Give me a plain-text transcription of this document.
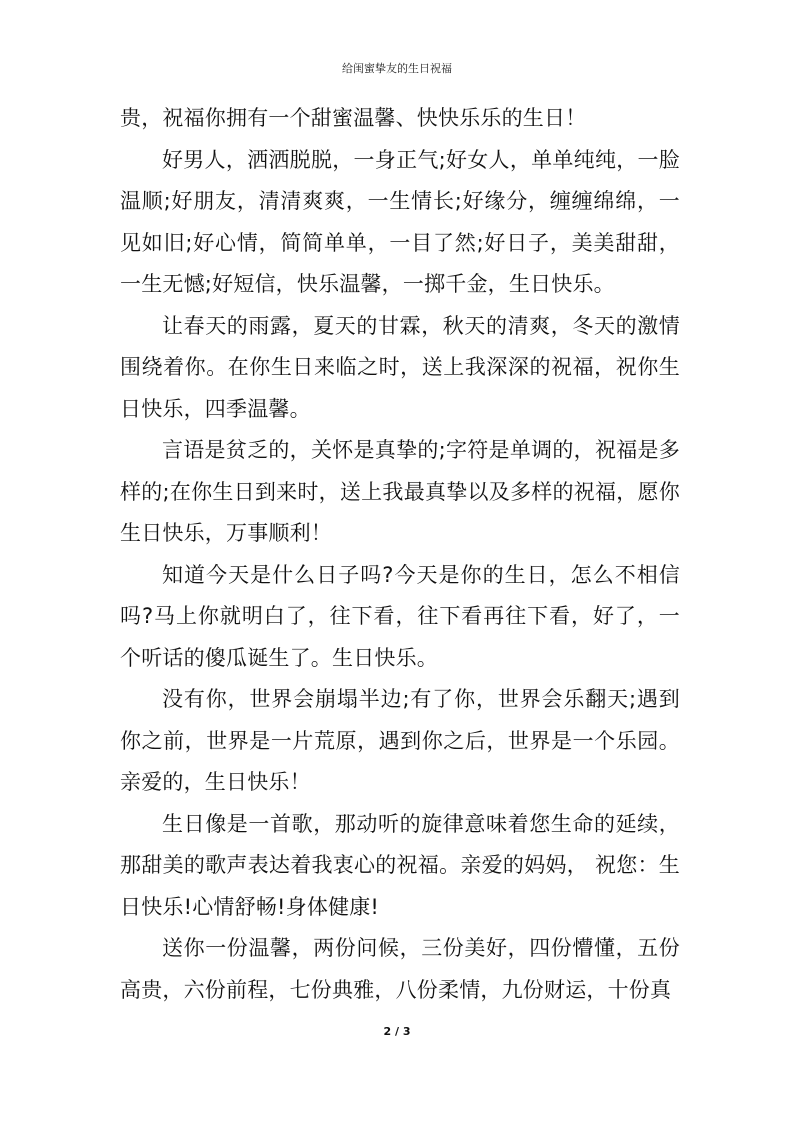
给闺蜜挚友的生日祝福

贵，祝福你拥有一个甜蜜温馨、快快乐乐的生日！

好男人，洒洒脱脱，一身正气;好女人，单单纯纯，一脸温顺;好朋友，清清爽爽，一生情长;好缘分，缠缠绵绵，一见如旧;好心情，简简单单，一目了然;好日子，美美甜甜，一生无憾;好短信，快乐温馨，一掷千金，生日快乐。

让春天的雨露，夏天的甘霖，秋天的清爽，冬天的激情围绕着你。在你生日来临之时，送上我深深的祝福，祝你生日快乐，四季温馨。

言语是贫乏的，关怀是真挚的;字符是单调的，祝福是多样的;在你生日到来时，送上我最真挚以及多样的祝福，愿你生日快乐，万事顺利！

知道今天是什么日子吗?今天是你的生日，怎么不相信吗?马上你就明白了，往下看，往下看再往下看，好了，一个听话的傻瓜诞生了。生日快乐。

没有你，世界会崩塌半边;有了你，世界会乐翻天;遇到你之前，世界是一片荒原，遇到你之后，世界是一个乐园。亲爱的，生日快乐！

生日像是一首歌，那动听的旋律意味着您生命的延续，那甜美的歌声表达着我衷心的祝福。亲爱的妈妈， 祝您：生日快乐!心情舒畅!身体健康!

送你一份温馨，两份问候，三份美好，四份懵懂，五份高贵，六份前程，七份典雅，八份柔情，九份财运，十份真

2 / 3
